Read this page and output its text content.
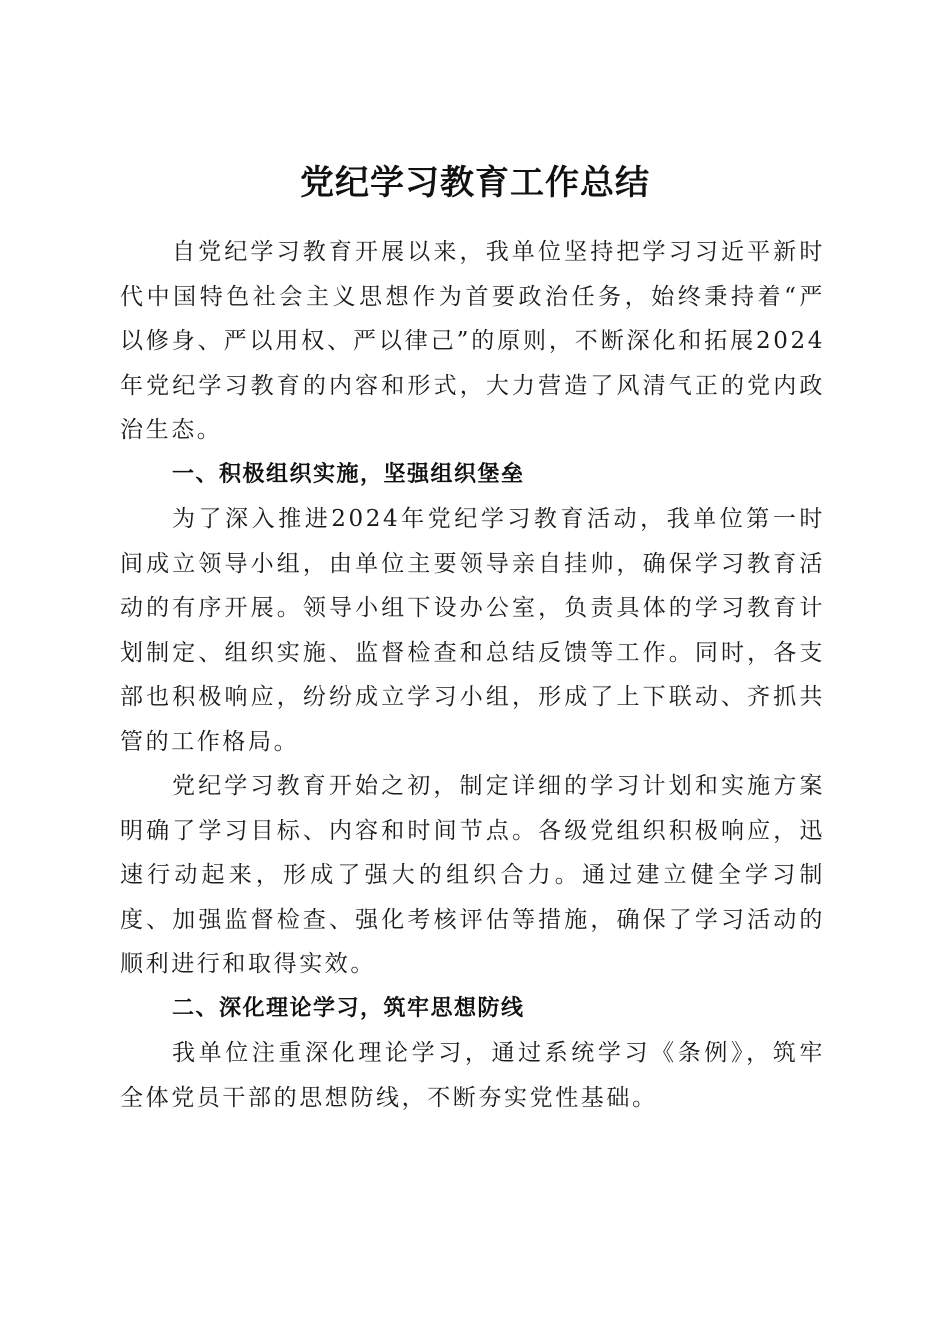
党纪学习教育工作总结

自党纪学习教育开展以来，我单位坚持把学习习近平新时代中国特色社会主义思想作为首要政治任务，始终秉持着“严以修身、严以用权、严以律己”的原则，不断深化和拓展2024年党纪学习教育的内容和形式，大力营造了风清气正的党内政治生态。

一、积极组织实施，坚强组织堡垒

为了深入推进2024年党纪学习教育活动，我单位第一时间成立领导小组，由单位主要领导亲自挂帅，确保学习教育活动的有序开展。领导小组下设办公室，负责具体的学习教育计划制定、组织实施、监督检查和总结反馈等工作。同时，各支部也积极响应，纷纷成立学习小组，形成了上下联动、齐抓共管的工作格局。

党纪学习教育开始之初，制定详细的学习计划和实施方案明确了学习目标、内容和时间节点。各级党组织积极响应，迅速行动起来，形成了强大的组织合力。通过建立健全学习制度、加强监督检查、强化考核评估等措施，确保了学习活动的顺利进行和取得实效。

二、深化理论学习，筑牢思想防线

我单位注重深化理论学习，通过系统学习《条例》，筑牢全体党员干部的思想防线，不断夯实党性基础。
